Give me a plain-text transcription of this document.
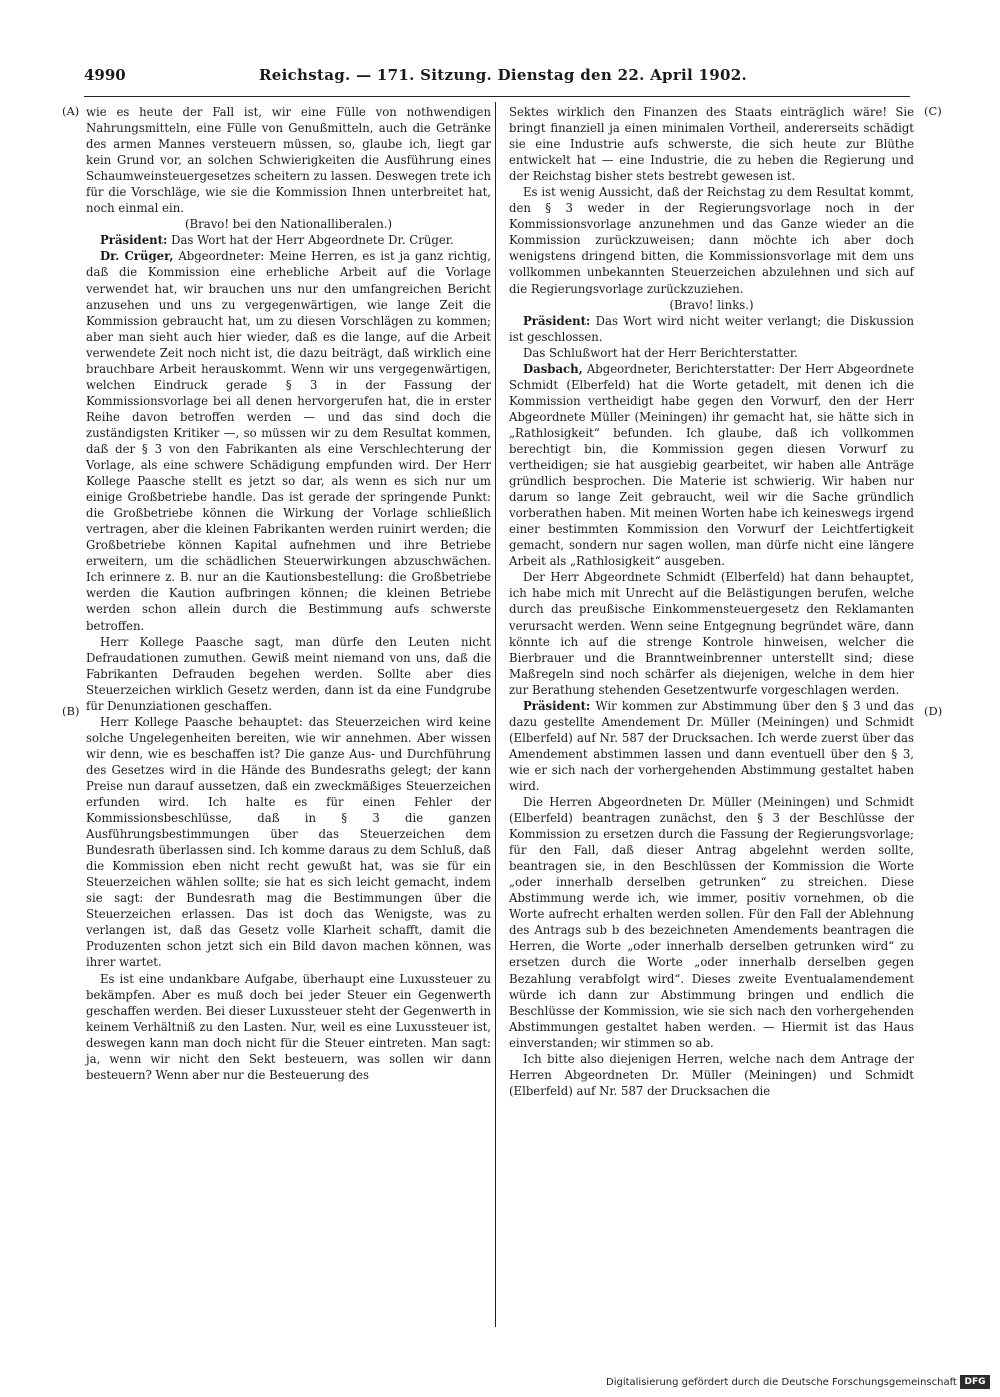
4990	Reichstag. — 171. Sitzung. Dienstag den 22. April 1902.
(A)
(B)
(C)
(D)

wie es heute der Fall ist, wir eine Fülle von nothwendigen Nahrungsmitteln, eine Fülle von Genußmitteln, auch die Getränke des armen Mannes versteuern müssen, so, glaube ich, liegt gar kein Grund vor, an solchen Schwierigkeiten die Ausführung eines Schaumweinsteuergesetzes scheitern zu lassen. Deswegen trete ich für die Vorschläge, wie sie die Kommission Ihnen unterbreitet hat, noch einmal ein.

(Bravo! bei den Nationalliberalen.)

Präsident: Das Wort hat der Herr Abgeordnete Dr. Crüger.

Dr. Crüger, Abgeordneter: Meine Herren, es ist ja ganz richtig, daß die Kommission eine erhebliche Arbeit auf die Vorlage verwendet hat, wir brauchen uns nur den umfangreichen Bericht anzusehen und uns zu vergegenwärtigen, wie lange Zeit die Kommission gebraucht hat, um zu diesen Vorschlägen zu kommen; aber man sieht auch hier wieder, daß es die lange, auf die Arbeit verwendete Zeit noch nicht ist, die dazu beiträgt, daß wirklich eine brauchbare Arbeit herauskommt. Wenn wir uns vergegenwärtigen, welchen Eindruck gerade § 3 in der Fassung der Kommissionsvorlage bei all denen hervorgerufen hat, die in erster Reihe davon betroffen werden — und das sind doch die zuständigsten Kritiker —, so müssen wir zu dem Resultat kommen, daß der § 3 von den Fabrikanten als eine Verschlechterung der Vorlage, als eine schwere Schädigung empfunden wird. Der Herr Kollege Paasche stellt es jetzt so dar, als wenn es sich nur um einige Großbetriebe handle. Das ist gerade der springende Punkt: die Großbetriebe können die Wirkung der Vorlage schließlich vertragen, aber die kleinen Fabrikanten werden ruinirt werden; die Großbetriebe können Kapital aufnehmen und ihre Betriebe erweitern, um die schädlichen Steuerwirkungen abzuschwächen. Ich erinnere z. B. nur an die Kautionsbestellung: die Großbetriebe werden die Kaution aufbringen können; die kleinen Betriebe werden schon allein durch die Bestimmung aufs schwerste betroffen.

Herr Kollege Paasche sagt, man dürfe den Leuten nicht Defraudationen zumuthen. Gewiß meint niemand von uns, daß die Fabrikanten Defrauden begehen werden. Sollte aber dies Steuerzeichen wirklich Gesetz werden, dann ist da eine Fundgrube für Denunziationen geschaffen.

Herr Kollege Paasche behauptet: das Steuerzeichen wird keine solche Ungelegenheiten bereiten, wie wir annehmen. Aber wissen wir denn, wie es beschaffen ist? Die ganze Aus- und Durchführung des Gesetzes wird in die Hände des Bundesraths gelegt; der kann Preise nun darauf aussetzen, daß ein zweckmäßiges Steuerzeichen erfunden wird. Ich halte es für einen Fehler der Kommissionsbeschlüsse, daß in § 3 die ganzen Ausführungsbestimmungen über das Steuerzeichen dem Bundesrath überlassen sind. Ich komme daraus zu dem Schluß, daß die Kommission eben nicht recht gewußt hat, was sie für ein Steuerzeichen wählen sollte; sie hat es sich leicht gemacht, indem sie sagt: der Bundesrath mag die Bestimmungen über die Steuerzeichen erlassen. Das ist doch das Wenigste, was zu verlangen ist, daß das Gesetz volle Klarheit schafft, damit die Produzenten schon jetzt sich ein Bild davon machen können, was ihrer wartet.

Es ist eine undankbare Aufgabe, überhaupt eine Luxussteuer zu bekämpfen. Aber es muß doch bei jeder Steuer ein Gegenwerth geschaffen werden. Bei dieser Luxussteuer steht der Gegenwerth in keinem Verhältniß zu den Lasten. Nur, weil es eine Luxussteuer ist, deswegen kann man doch nicht für die Steuer eintreten. Man sagt: ja, wenn wir nicht den Sekt besteuern, was sollen wir dann besteuern? Wenn aber nur die Besteuerung des

Sektes wirklich den Finanzen des Staats einträglich wäre! Sie bringt finanziell ja einen minimalen Vortheil, andererseits schädigt sie eine Industrie aufs schwerste, die sich heute zur Blüthe entwickelt hat — eine Industrie, die zu heben die Regierung und der Reichstag bisher stets bestrebt gewesen ist.

Es ist wenig Aussicht, daß der Reichstag zu dem Resultat kommt, den § 3 weder in der Regierungsvorlage noch in der Kommissionsvorlage anzunehmen und das Ganze wieder an die Kommission zurückzuweisen; dann möchte ich aber doch wenigstens dringend bitten, die Kommissionsvorlage mit dem uns vollkommen unbekannten Steuerzeichen abzulehnen und sich auf die Regierungsvorlage zurückzuziehen.

(Bravo! links.)

Präsident: Das Wort wird nicht weiter verlangt; die Diskussion ist geschlossen.

Das Schlußwort hat der Herr Berichterstatter.

Dasbach, Abgeordneter, Berichterstatter: Der Herr Abgeordnete Schmidt (Elberfeld) hat die Worte getadelt, mit denen ich die Kommission vertheidigt habe gegen den Vorwurf, den der Herr Abgeordnete Müller (Meiningen) ihr gemacht hat, sie hätte sich in „Rathlosigkeit“ befunden. Ich glaube, daß ich vollkommen berechtigt bin, die Kommission gegen diesen Vorwurf zu vertheidigen; sie hat ausgiebig gearbeitet, wir haben alle Anträge gründlich besprochen. Die Materie ist schwierig. Wir haben nur darum so lange Zeit gebraucht, weil wir die Sache gründlich vorberathen haben. Mit meinen Worten habe ich keineswegs irgend einer bestimmten Kommission den Vorwurf der Leichtfertigkeit gemacht, sondern nur sagen wollen, man dürfe nicht eine längere Arbeit als „Rathlosigkeit“ ausgeben.

Der Herr Abgeordnete Schmidt (Elberfeld) hat dann behauptet, ich habe mich mit Unrecht auf die Belästigungen berufen, welche durch das preußische Einkommensteuergesetz den Reklamanten verursacht werden. Wenn seine Entgegnung begründet wäre, dann könnte ich auf die strenge Kontrole hinweisen, welcher die Bierbrauer und die Branntweinbrenner unterstellt sind; diese Maßregeln sind noch schärfer als diejenigen, welche in dem hier zur Berathung stehenden Gesetzentwurfe vorgeschlagen werden.

Präsident: Wir kommen zur Abstimmung über den § 3 und das dazu gestellte Amendement Dr. Müller (Meiningen) und Schmidt (Elberfeld) auf Nr. 587 der Drucksachen. Ich werde zuerst über das Amendement abstimmen lassen und dann eventuell über den § 3, wie er sich nach der vorhergehenden Abstimmung gestaltet haben wird.

Die Herren Abgeordneten Dr. Müller (Meiningen) und Schmidt (Elberfeld) beantragen zunächst, den § 3 der Beschlüsse der Kommission zu ersetzen durch die Fassung der Regierungsvorlage; für den Fall, daß dieser Antrag abgelehnt werden sollte, beantragen sie, in den Beschlüssen der Kommission die Worte „oder innerhalb derselben getrunken“ zu streichen. Diese Abstimmung werde ich, wie immer, positiv vornehmen, ob die Worte aufrecht erhalten werden sollen. Für den Fall der Ablehnung des Antrags sub b des bezeichneten Amendements beantragen die Herren, die Worte „oder innerhalb derselben getrunken wird“ zu ersetzen durch die Worte „oder innerhalb derselben gegen Bezahlung verabfolgt wird“. Dieses zweite Eventualamendement würde ich dann zur Abstimmung bringen und endlich die Beschlüsse der Kommission, wie sie sich nach den vorhergehenden Abstimmungen gestaltet haben werden. — Hiermit ist das Haus einverstanden; wir stimmen so ab.

Ich bitte also diejenigen Herren, welche nach dem Antrage der Herren Abgeordneten Dr. Müller (Meiningen) und Schmidt (Elberfeld) auf Nr. 587 der Drucksachen die

Digitalisierung gefördert durch die Deutsche Forschungsgemeinschaft DFG
